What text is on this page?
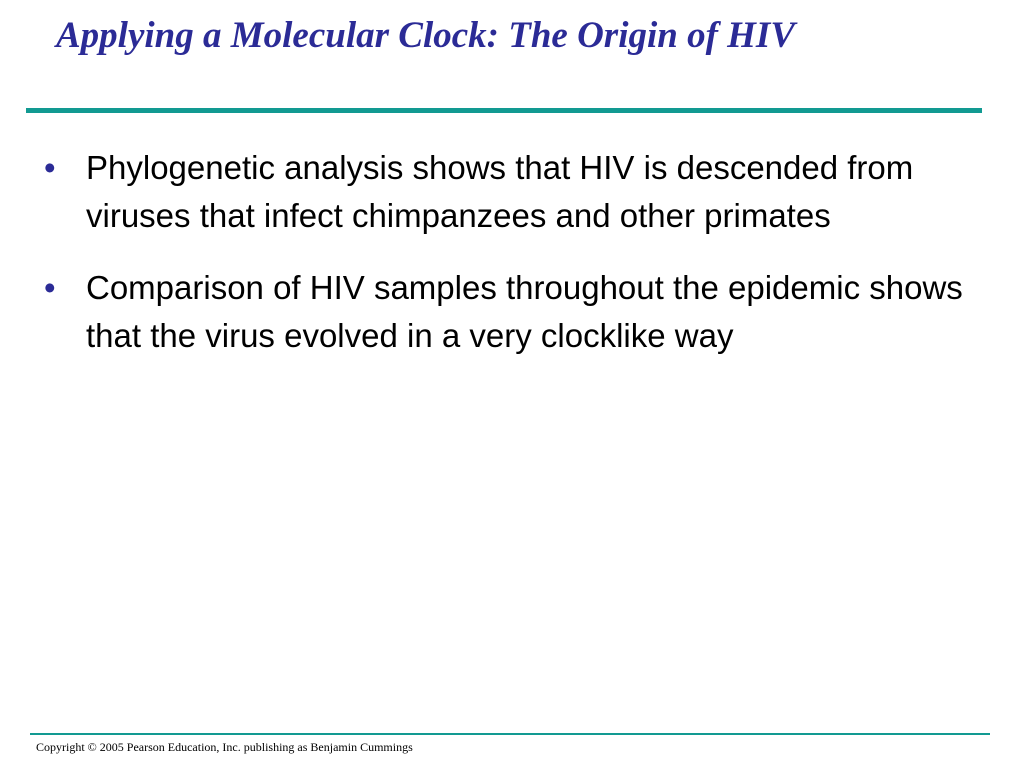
Applying a Molecular Clock: The Origin of HIV
• Phylogenetic analysis shows that HIV is descended from viruses that infect chimpanzees and other primates
• Comparison of HIV samples throughout the epidemic shows that the virus evolved in a very clocklike way
Copyright © 2005 Pearson Education, Inc. publishing as Benjamin Cummings
